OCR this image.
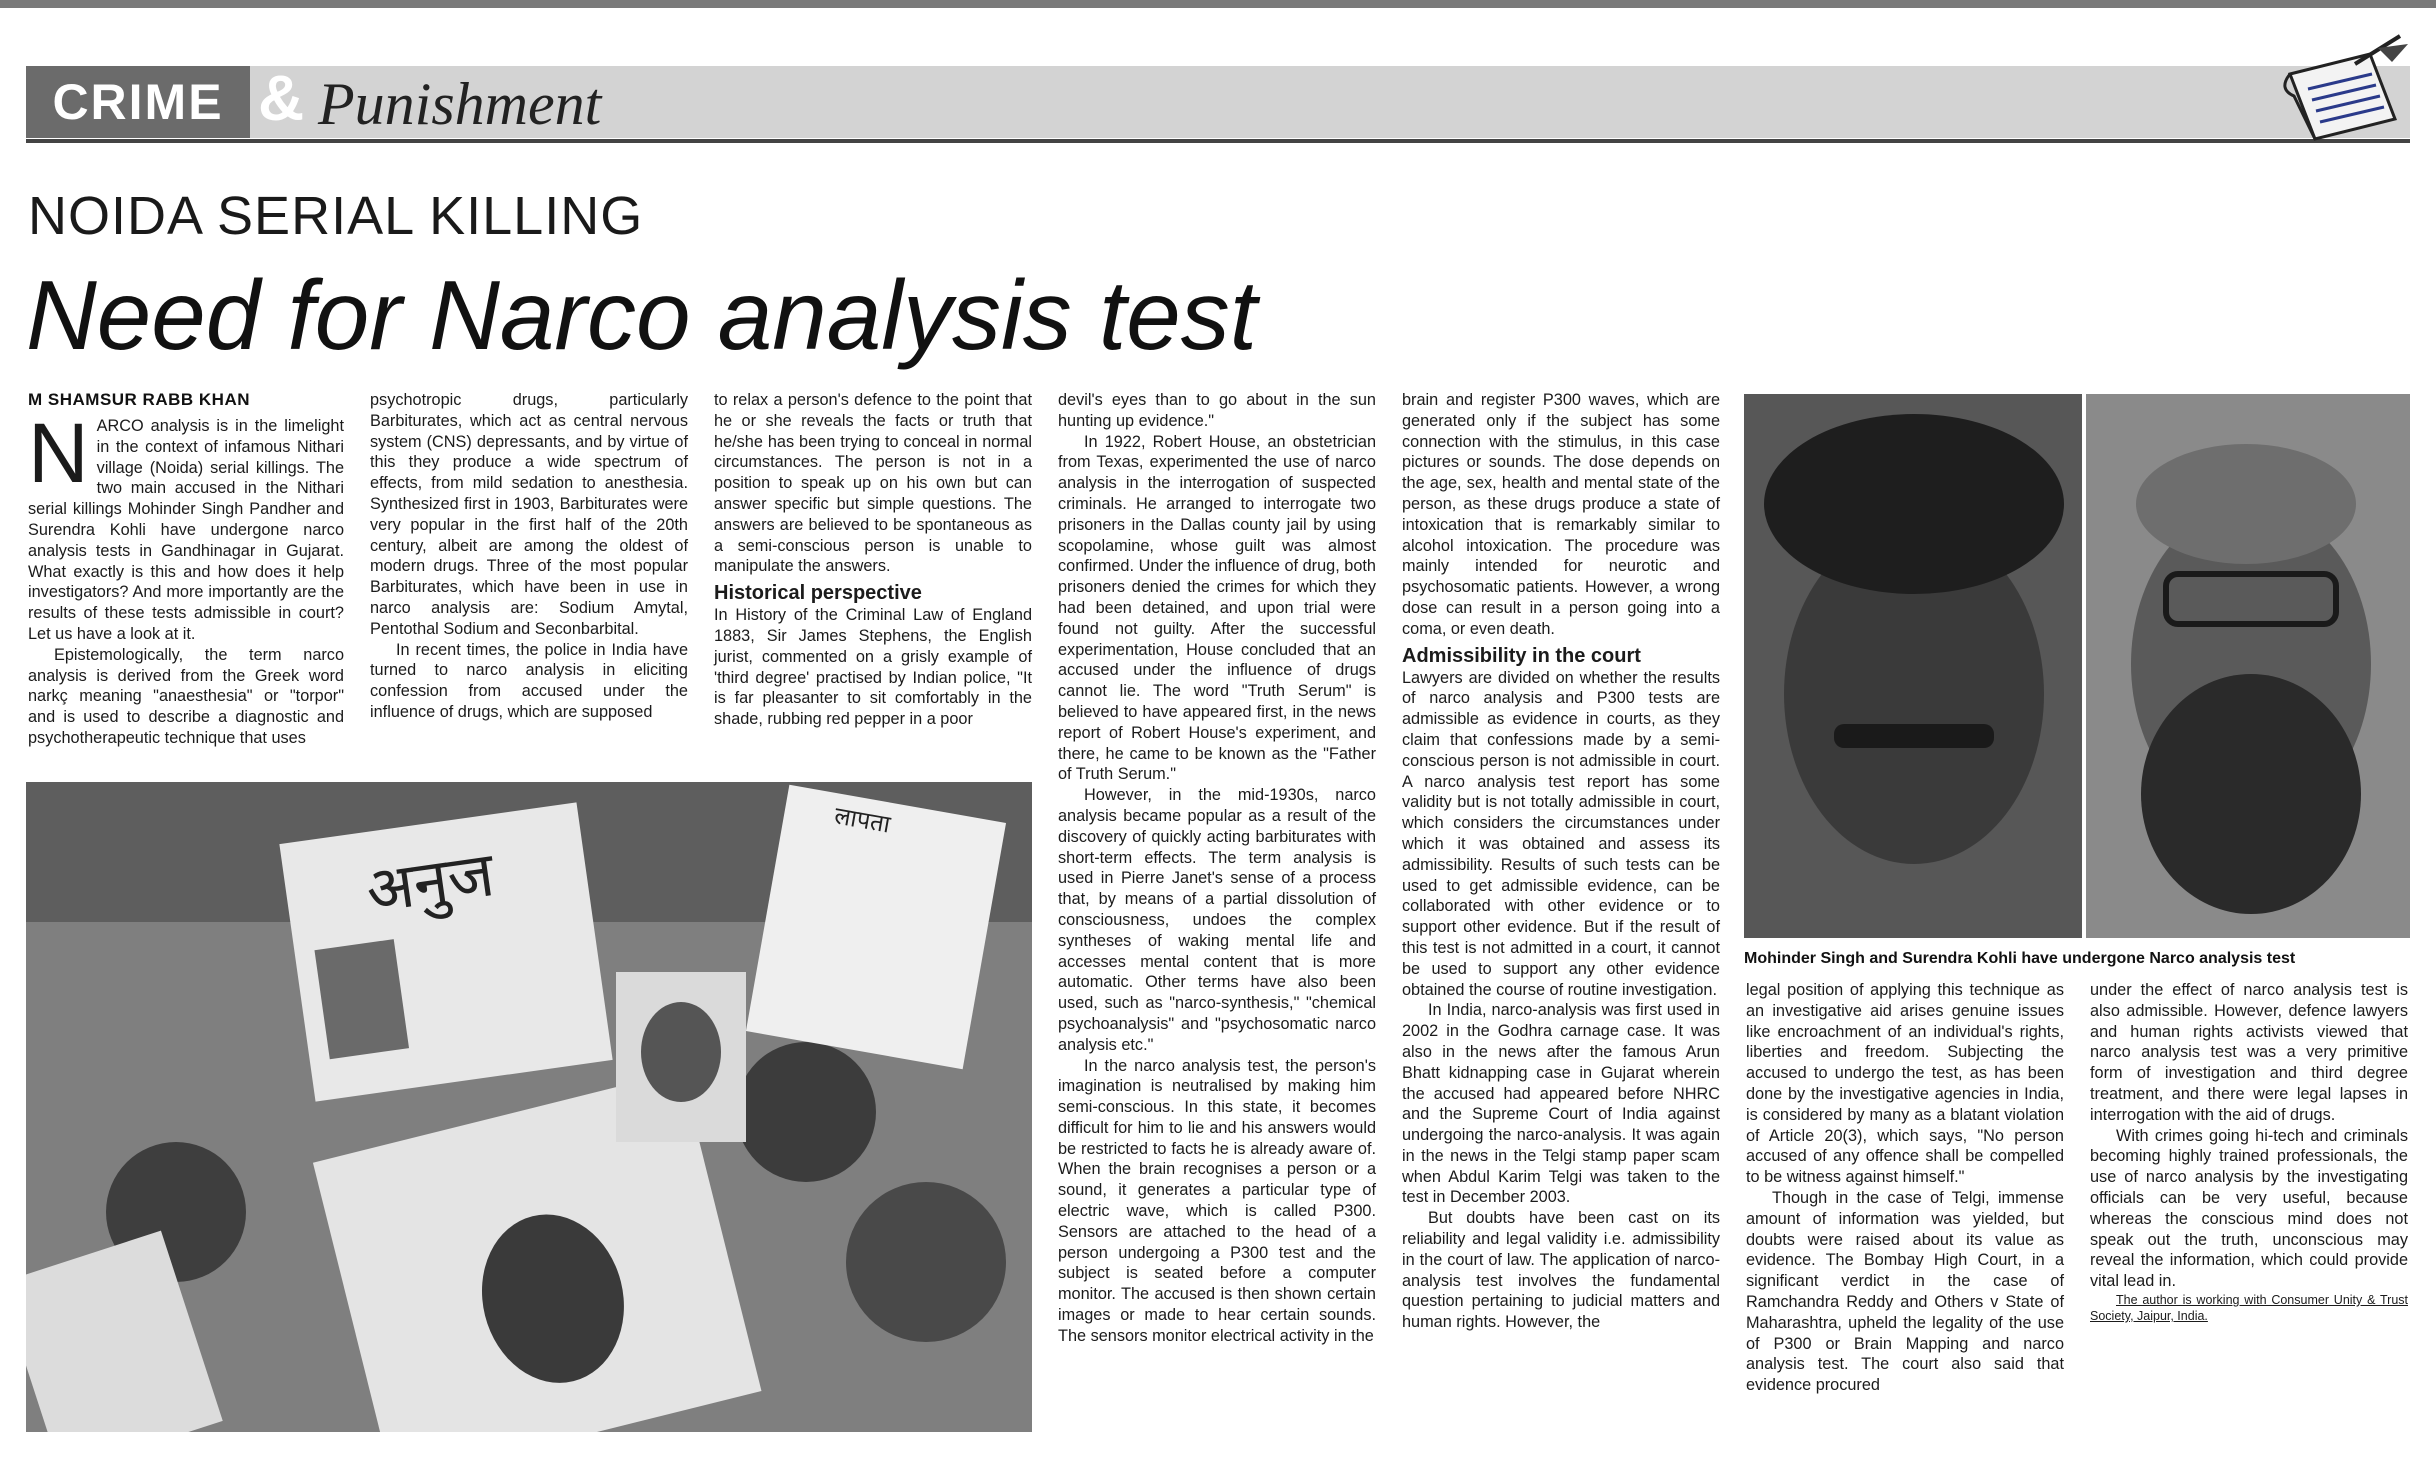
CRIME & Punishment
NOIDA SERIAL KILLING
Need for Narco analysis test
M SHAMSUR RABB KHAN

NARCO analysis is in the limelight in the context of infamous Nithari village (Noida) serial killings. The two main accused in the Nithari serial killings Mohinder Singh Pandher and Surendra Kohli have undergone narco analysis tests in Gandhinagar in Gujarat. What exactly is this and how does it help investigators? And more importantly are the results of these tests admissible in court? Let us have a look at it.

Epistemologically, the term narco analysis is derived from the Greek word narkç meaning "anaesthesia" or "torpor" and is used to describe a diagnostic and psychotherapeutic technique that uses

psychotropic drugs, particularly Barbiturates, which act as central nervous system (CNS) depressants, and by virtue of this they produce a wide spectrum of effects, from mild sedation to anesthesia. Synthesized first in 1903, Barbiturates were very popular in the first half of the 20th century, albeit are among the oldest of modern drugs. Three of the most popular Barbiturates, which have been in use in narco analysis are: Sodium Amytal, Pentothal Sodium and Seconbarbital.

In recent times, the police in India have turned to narco analysis in eliciting confession from accused under the influence of drugs, which are supposed

to relax a person's defence to the point that he or she reveals the facts or truth that he/she has been trying to conceal in normal circumstances. The person is not in a position to speak up on his own but can answer specific but simple questions. The answers are believed to be spontaneous as a semi-conscious person is unable to manipulate the answers.

Historical perspective

In History of the Criminal Law of England 1883, Sir James Stephens, the English jurist, commented on a grisly example of 'third degree' practised by Indian police, "It is far pleasanter to sit comfortably in the shade, rubbing red pepper in a poor

अनुज
लापता

devil's eyes than to go about in the sun hunting up evidence."

In 1922, Robert House, an obstetrician from Texas, experimented the use of narco analysis in the interrogation of suspected criminals. He arranged to interrogate two prisoners in the Dallas county jail by using scopolamine, whose guilt was almost confirmed. Under the influence of drug, both prisoners denied the crimes for which they had been detained, and upon trial were found not guilty. After the successful experimentation, House concluded that an accused under the influence of drugs cannot lie. The word "Truth Serum" is believed to have appeared first, in the news report of Robert House's experiment, and there, he came to be known as the "Father of Truth Serum."

However, in the mid-1930s, narco analysis became popular as a result of the discovery of quickly acting barbiturates with short-term effects. The term analysis is used in Pierre Janet's sense of a process that, by means of a partial dissolution of consciousness, undoes the complex syntheses of waking mental life and accesses mental content that is more automatic. Other terms have also been used, such as "narco-synthesis," "chemical psychoanalysis" and "psychosomatic narco analysis etc."

In the narco analysis test, the person's imagination is neutralised by making him semi-conscious. In this state, it becomes difficult for him to lie and his answers would be restricted to facts he is already aware of. When the brain recognises a person or a sound, it generates a particular type of electric wave, which is called P300. Sensors are attached to the head of a person undergoing a P300 test and the subject is seated before a computer monitor. The accused is then shown certain images or made to hear certain sounds. The sensors monitor electrical activity in the

brain and register P300 waves, which are generated only if the subject has some connection with the stimulus, in this case pictures or sounds. The dose depends on the age, sex, health and mental state of the person, as these drugs produce a state of intoxication that is remarkably similar to alcohol intoxication. The procedure was mainly intended for neurotic and psychosomatic patients. However, a wrong dose can result in a person going into a coma, or even death.

Admissibility in the court

Lawyers are divided on whether the results of narco analysis and P300 tests are admissible as evidence in courts, as they claim that confessions made by a semi-conscious person is not admissible in court. A narco analysis test report has some validity but is not totally admissible in court, which considers the circumstances under which it was obtained and assess its admissibility. Results of such tests can be used to get admissible evidence, can be collaborated with other evidence or to support other evidence. But if the result of this test is not admitted in a court, it cannot be used to support any other evidence obtained the course of routine investigation.

In India, narco-analysis was first used in 2002 in the Godhra carnage case. It was also in the news after the famous Arun Bhatt kidnapping case in Gujarat wherein the accused had appeared before NHRC and the Supreme Court of India against undergoing the narco-analysis. It was again in the news in the Telgi stamp paper scam when Abdul Karim Telgi was taken to the test in December 2003.

But doubts have been cast on its reliability and legal validity i.e. admissibility in the court of law. The application of narco-analysis test involves the fundamental question pertaining to judicial matters and human rights. However, the

Mohinder Singh and Surendra Kohli have undergone Narco analysis test

legal position of applying this technique as an investigative aid arises genuine issues like encroachment of an individual's rights, liberties and freedom. Subjecting the accused to undergo the test, as has been done by the investigative agencies in India, is considered by many as a blatant violation of Article 20(3), which says, "No person accused of any offence shall be compelled to be witness against himself."

Though in the case of Telgi, immense amount of information was yielded, but doubts were raised about its value as evidence. The Bombay High Court, in a significant verdict in the case of Ramchandra Reddy and Others v State of Maharashtra, upheld the legality of the use of P300 or Brain Mapping and narco analysis test. The court also said that evidence procured

under the effect of narco analysis test is also admissible. However, defence lawyers and human rights activists viewed that narco analysis test was a very primitive form of investigation and third degree treatment, and there were legal lapses in interrogation with the aid of drugs.

With crimes going hi-tech and criminals becoming highly trained professionals, the use of narco analysis by the investigating officials can be very useful, because whereas the conscious mind does not speak out the truth, unconscious may reveal the information, which could provide vital lead in.

The author is working with Consumer Unity & Trust Society, Jaipur, India.
